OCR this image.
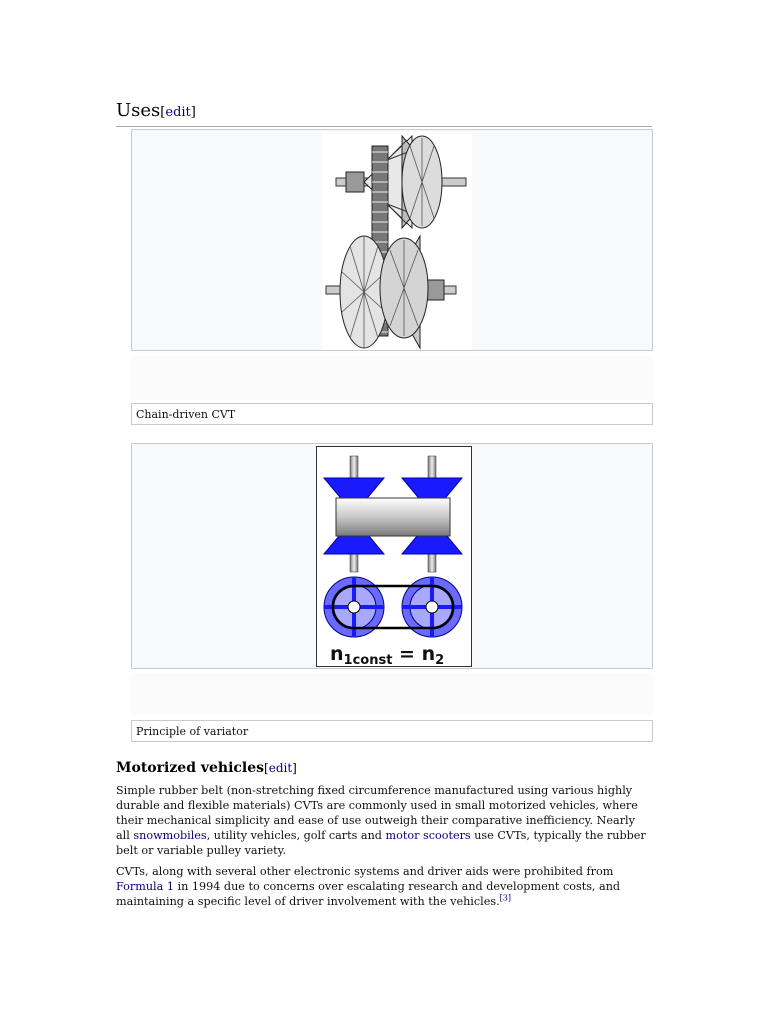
Uses[edit]
Chain-driven CVT
$n_{1const} = n_2$
Principle of variator
Motorized vehicles[edit]
Simple rubber belt (non-stretching fixed circumference manufactured using various highly durable and flexible materials) CVTs are commonly used in small motorized vehicles, where their mechanical simplicity and ease of use outweigh their comparative inefficiency. Nearly all snowmobiles, utility vehicles, golf carts and motor scooters use CVTs, typically the rubber belt or variable pulley variety.
CVTs, along with several other electronic systems and driver aids were prohibited from Formula 1 in 1994 due to concerns over escalating research and development costs, and maintaining a specific level of driver involvement with the vehicles.[3]
